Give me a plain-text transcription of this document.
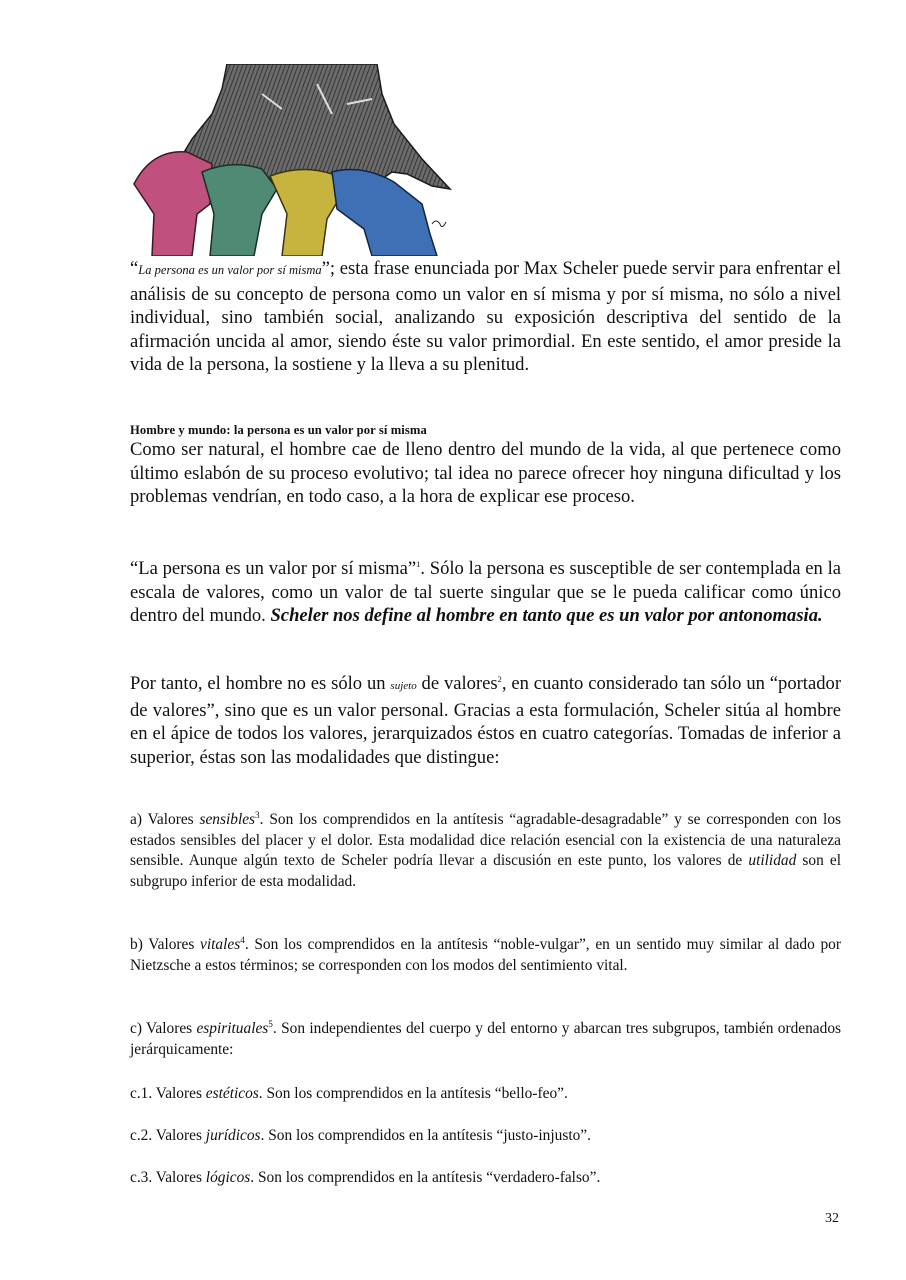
“La persona es un valor por sí misma”; esta frase enunciada por Max Scheler puede servir para enfrentar el análisis de su concepto de persona como un valor en sí misma y por sí misma, no sólo a nivel individual, sino también social, analizando su exposición descriptiva del sentido de la afirmación uncida al amor, siendo éste su valor primordial. En este sentido, el amor preside la vida de la persona, la sostiene y la lleva a su plenitud.

Hombre y mundo: la persona es un valor por sí misma

Como ser natural, el hombre cae de lleno dentro del mundo de la vida, al que pertenece como último eslabón de su proceso evolutivo; tal idea no parece ofrecer hoy ninguna dificultad y los problemas vendrían, en todo caso, a la hora de explicar ese proceso.

“La persona es un valor por sí misma”$^1$. Sólo la persona es susceptible de ser contemplada en la escala de valores, como un valor de tal suerte singular que se le pueda calificar como único dentro del mundo. Scheler nos define al hombre en tanto que es un valor por antonomasia.

Por tanto, el hombre no es sólo un sujeto de valores$^2$, en cuanto considerado tan sólo un “portador de valores”, sino que es un valor personal. Gracias a esta formulación, Scheler sitúa al hombre en el ápice de todos los valores, jerarquizados éstos en cuatro categorías. Tomadas de inferior a superior, éstas son las modalidades que distingue:

a) Valores sensibles$^3$. Son los comprendidos en la antítesis “agradable-desagradable” y se corresponden con los estados sensibles del placer y el dolor. Esta modalidad dice relación esencial con la existencia de una naturaleza sensible. Aunque algún texto de Scheler podría llevar a discusión en este punto, los valores de utilidad son el subgrupo inferior de esta modalidad.

b) Valores vitales$^4$. Son los comprendidos en la antítesis “noble-vulgar”, en un sentido muy similar al dado por Nietzsche a estos términos; se corresponden con los modos del sentimiento vital.

c) Valores espirituales$^5$. Son independientes del cuerpo y del entorno y abarcan tres subgrupos, también ordenados jerárquicamente:

c.1. Valores estéticos. Son los comprendidos en la antítesis “bello-feo”.

c.2. Valores jurídicos. Son los comprendidos en la antítesis “justo-injusto”.

c.3. Valores lógicos. Son los comprendidos en la antítesis “verdadero-falso”.

32
